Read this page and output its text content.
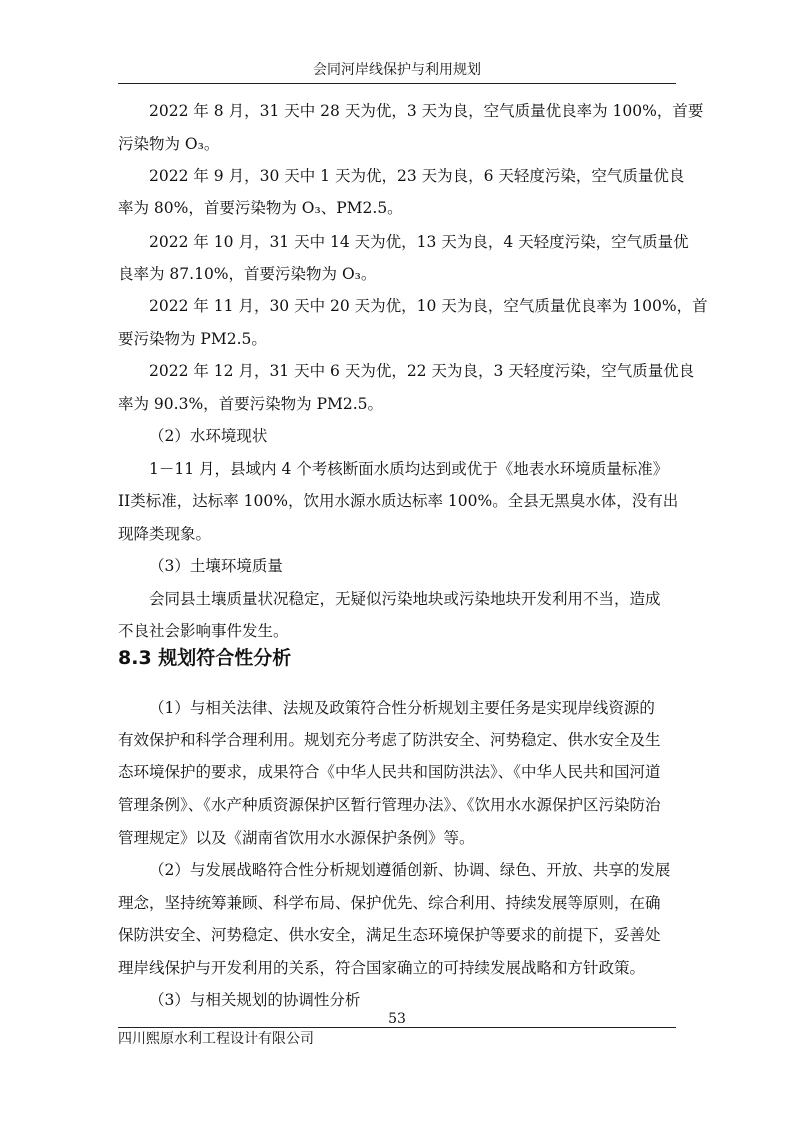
会同河岸线保护与利用规划
2022 年 8 月，31 天中 28 天为优，3 天为良，空气质量优良率为 100%，首要
污染物为 O₃。
2022 年 9 月，30 天中 1 天为优，23 天为良，6 天轻度污染，空气质量优良
率为 80%，首要污染物为 O₃、PM2.5。
2022 年 10 月，31 天中 14 天为优，13 天为良，4 天轻度污染，空气质量优
良率为 87.10%，首要污染物为 O₃。
2022 年 11 月，30 天中 20 天为优，10 天为良，空气质量优良率为 100%，首
要污染物为 PM2.5。
2022 年 12 月，31 天中 6 天为优，22 天为良，3 天轻度污染，空气质量优良
率为 90.3%，首要污染物为 PM2.5。
（2）水环境现状
1－11 月，县域内 4 个考核断面水质均达到或优于《地表水环境质量标准》
II类标准，达标率 100%，饮用水源水质达标率 100%。全县无黑臭水体，没有出
现降类现象。
（3）土壤环境质量
会同县土壤质量状况稳定，无疑似污染地块或污染地块开发利用不当，造成
不良社会影响事件发生。
8.3 规划符合性分析
（1）与相关法律、法规及政策符合性分析规划主要任务是实现岸线资源的
有效保护和科学合理利用。规划充分考虑了防洪安全、河势稳定、供水安全及生
态环境保护的要求，成果符合《中华人民共和国防洪法》、《中华人民共和国河道
管理条例》、《水产种质资源保护区暂行管理办法》、《饮用水水源保护区污染防治
管理规定》以及《湖南省饮用水水源保护条例》等。
（2）与发展战略符合性分析规划遵循创新、协调、绿色、开放、共享的发展
理念，坚持统筹兼顾、科学布局、保护优先、综合利用、持续发展等原则，在确
保防洪安全、河势稳定、供水安全，满足生态环境保护等要求的前提下，妥善处
理岸线保护与开发利用的关系，符合国家确立的可持续发展战略和方针政策。
（3）与相关规划的协调性分析
53
四川熙原水利工程设计有限公司
